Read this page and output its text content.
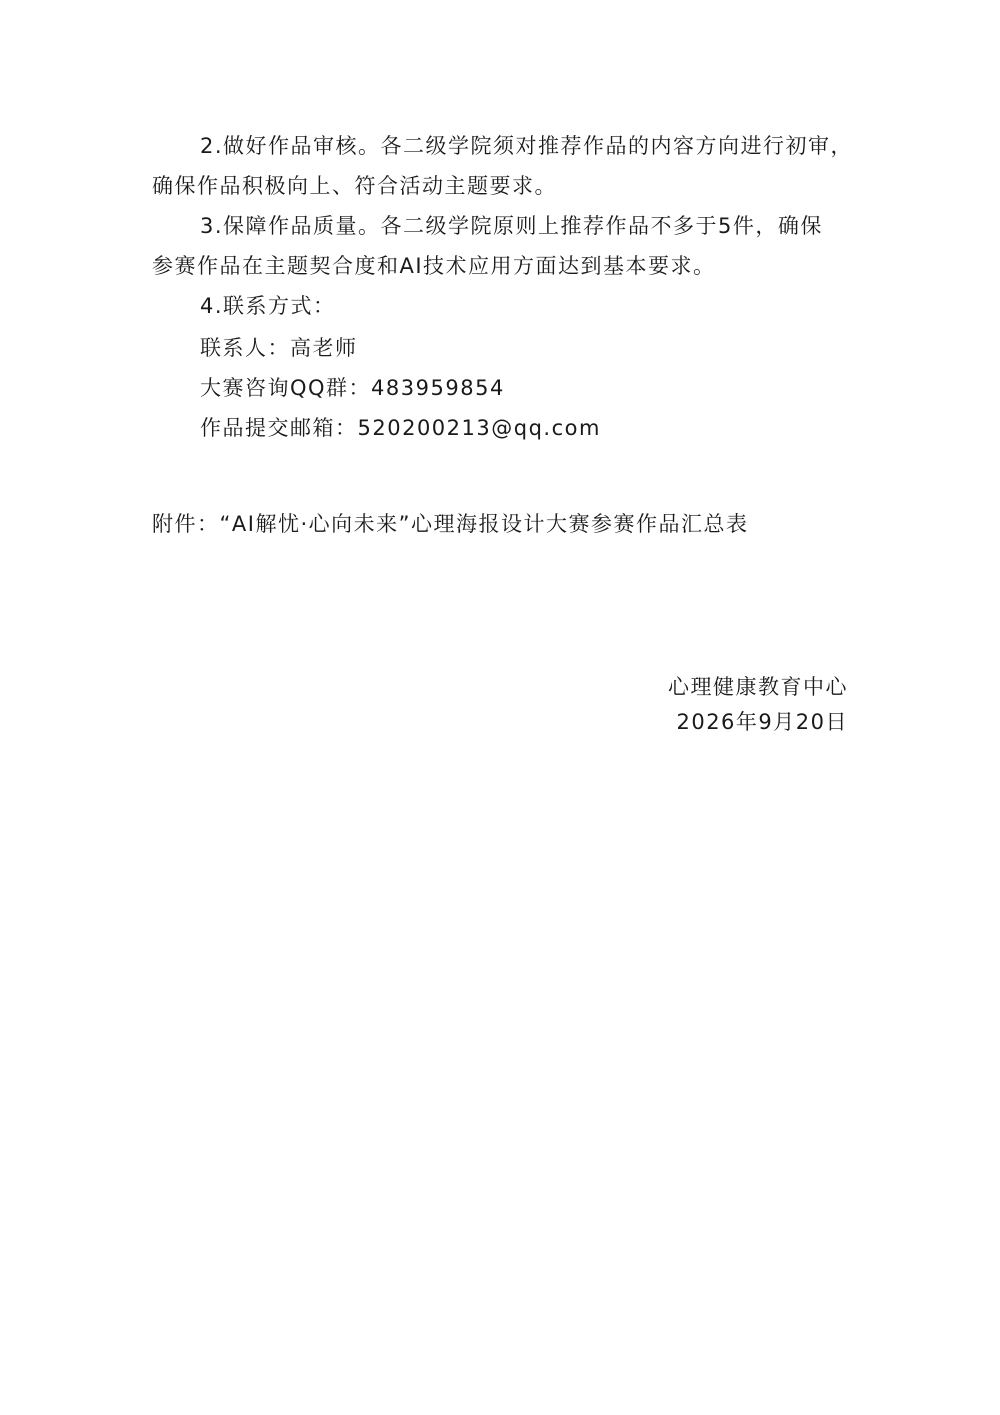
2.做好作品审核。各二级学院须对推荐作品的内容方向进行初审，
确保作品积极向上、符合活动主题要求。
3.保障作品质量。各二级学院原则上推荐作品不多于5件，确保
参赛作品在主题契合度和AI技术应用方面达到基本要求。
4.联系方式：
联系人：高老师
大赛咨询QQ群：483959854
作品提交邮箱：520200213@qq.com
附件：“AI解忧·心向未来”心理海报设计大赛参赛作品汇总表
心理健康教育中心
2026年9月20日
